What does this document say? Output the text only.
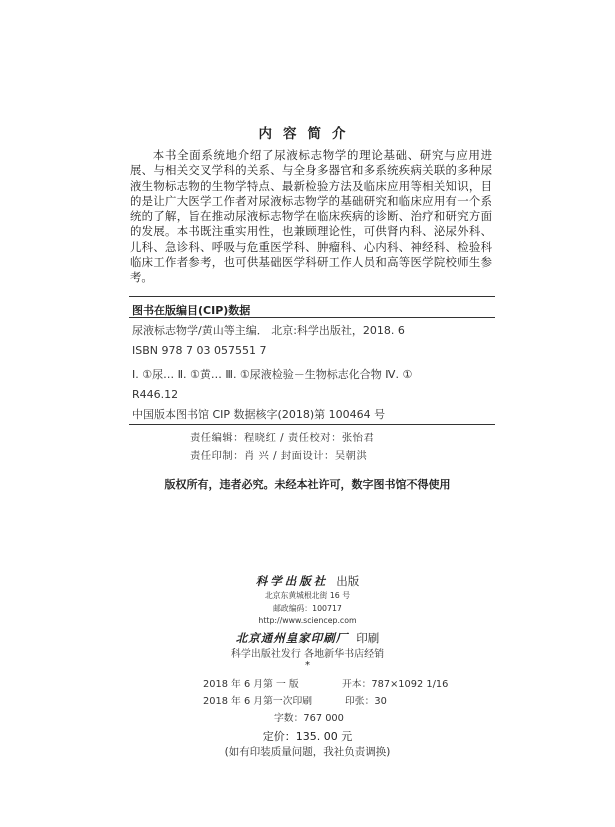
内容简介

本书全面系统地介绍了尿液标志物学的理论基础、研究与应用进展、与相关交叉学科的关系、与全身多器官和多系统疾病关联的多种尿液生物标志物的生物学特点、最新检验方法及临床应用等相关知识，目的是让广大医学工作者对尿液标志物学的基础研究和临床应用有一个系统的了解，旨在推动尿液标志物学在临床疾病的诊断、治疗和研究方面的发展。本书既注重实用性，也兼顾理论性，可供肾内科、泌尿外科、儿科、急诊科、呼吸与危重医学科、肿瘤科、心内科、神经科、检验科临床工作者参考，也可供基础医学科研工作人员和高等医学院校师生参考。

图书在版编目(CIP)数据
尿液标志物学/黄山等主编． 北京:科学出版社，2018. 6
ISBN 978 7 03 057551 7
Ⅰ. ①尿… Ⅱ. ①黄… Ⅲ. ①尿液检验－生物标志化合物 Ⅳ. ①
R446.12
中国版本图书馆 CIP 数据核字(2018)第 100464 号
责任编辑：程晓红 / 责任校对：张怡君
责任印制：肖 兴 / 封面设计：吴朝洪
版权所有，违者必究。未经本社许可，数字图书馆不得使用
科学出版社 出版
北京东黄城根北街 16 号
邮政编码：100717
http://www.sciencep.com
北京通州皇家印刷厂 印刷
科学出版社发行 各地新华书店经销
*
2018 年 6 月第 一 版	开本：787×1092 1/16
2018 年 6 月第一次印刷	印张：30
字数：767 000
定价：135. 00 元
(如有印装质量问题，我社负责调换)
